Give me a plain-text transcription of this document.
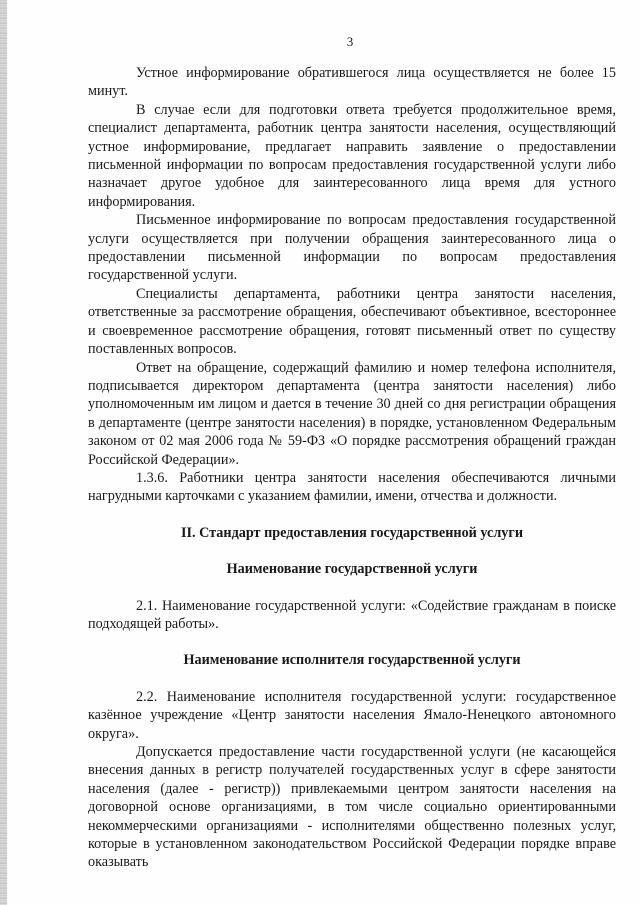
3

Устное информирование обратившегося лица осуществляется не более 15 минут.

В случае если для подготовки ответа требуется продолжительное время, специалист департамента, работник центра занятости населения, осуществляющий устное информирование, предлагает направить заявление о предоставлении письменной информации по вопросам предоставления государственной услуги либо назначает другое удобное для заинтересованного лица время для устного информирования.

Письменное информирование по вопросам предоставления государственной услуги осуществляется при получении обращения заинтересованного лица о предоставлении письменной информации по вопросам предоставления государственной услуги.

Специалисты департамента, работники центра занятости населения, ответственные за рассмотрение обращения, обеспечивают объективное, всестороннее и своевременное рассмотрение обращения, готовят письменный ответ по существу поставленных вопросов.

Ответ на обращение, содержащий фамилию и номер телефона исполнителя, подписывается директором департамента (центра занятости населения) либо уполномоченным им лицом и дается в течение 30 дней со дня регистрации обращения в департаменте (центре занятости населения) в порядке, установленном Федеральным законом от 02 мая 2006 года № 59-ФЗ «О порядке рассмотрения обращений граждан Российской Федерации».

1.3.6. Работники центра занятости населения обеспечиваются личными нагрудными карточками с указанием фамилии, имени, отчества и должности.

II. Стандарт предоставления государственной услуги
Наименование государственной услуги

2.1. Наименование государственной услуги: «Содействие гражданам в поиске подходящей работы».

Наименование исполнителя государственной услуги

2.2. Наименование исполнителя государственной услуги: государственное казённое учреждение «Центр занятости населения Ямало-Ненецкого автономного округа».

Допускается предоставление части государственной услуги (не касающейся внесения данных в регистр получателей государственных услуг в сфере занятости населения (далее - регистр)) привлекаемыми центром занятости населения на договорной основе организациями, в том числе социально ориентированными некоммерческими организациями - исполнителями общественно полезных услуг, которые в установленном законодательством Российской Федерации порядке вправе оказывать
